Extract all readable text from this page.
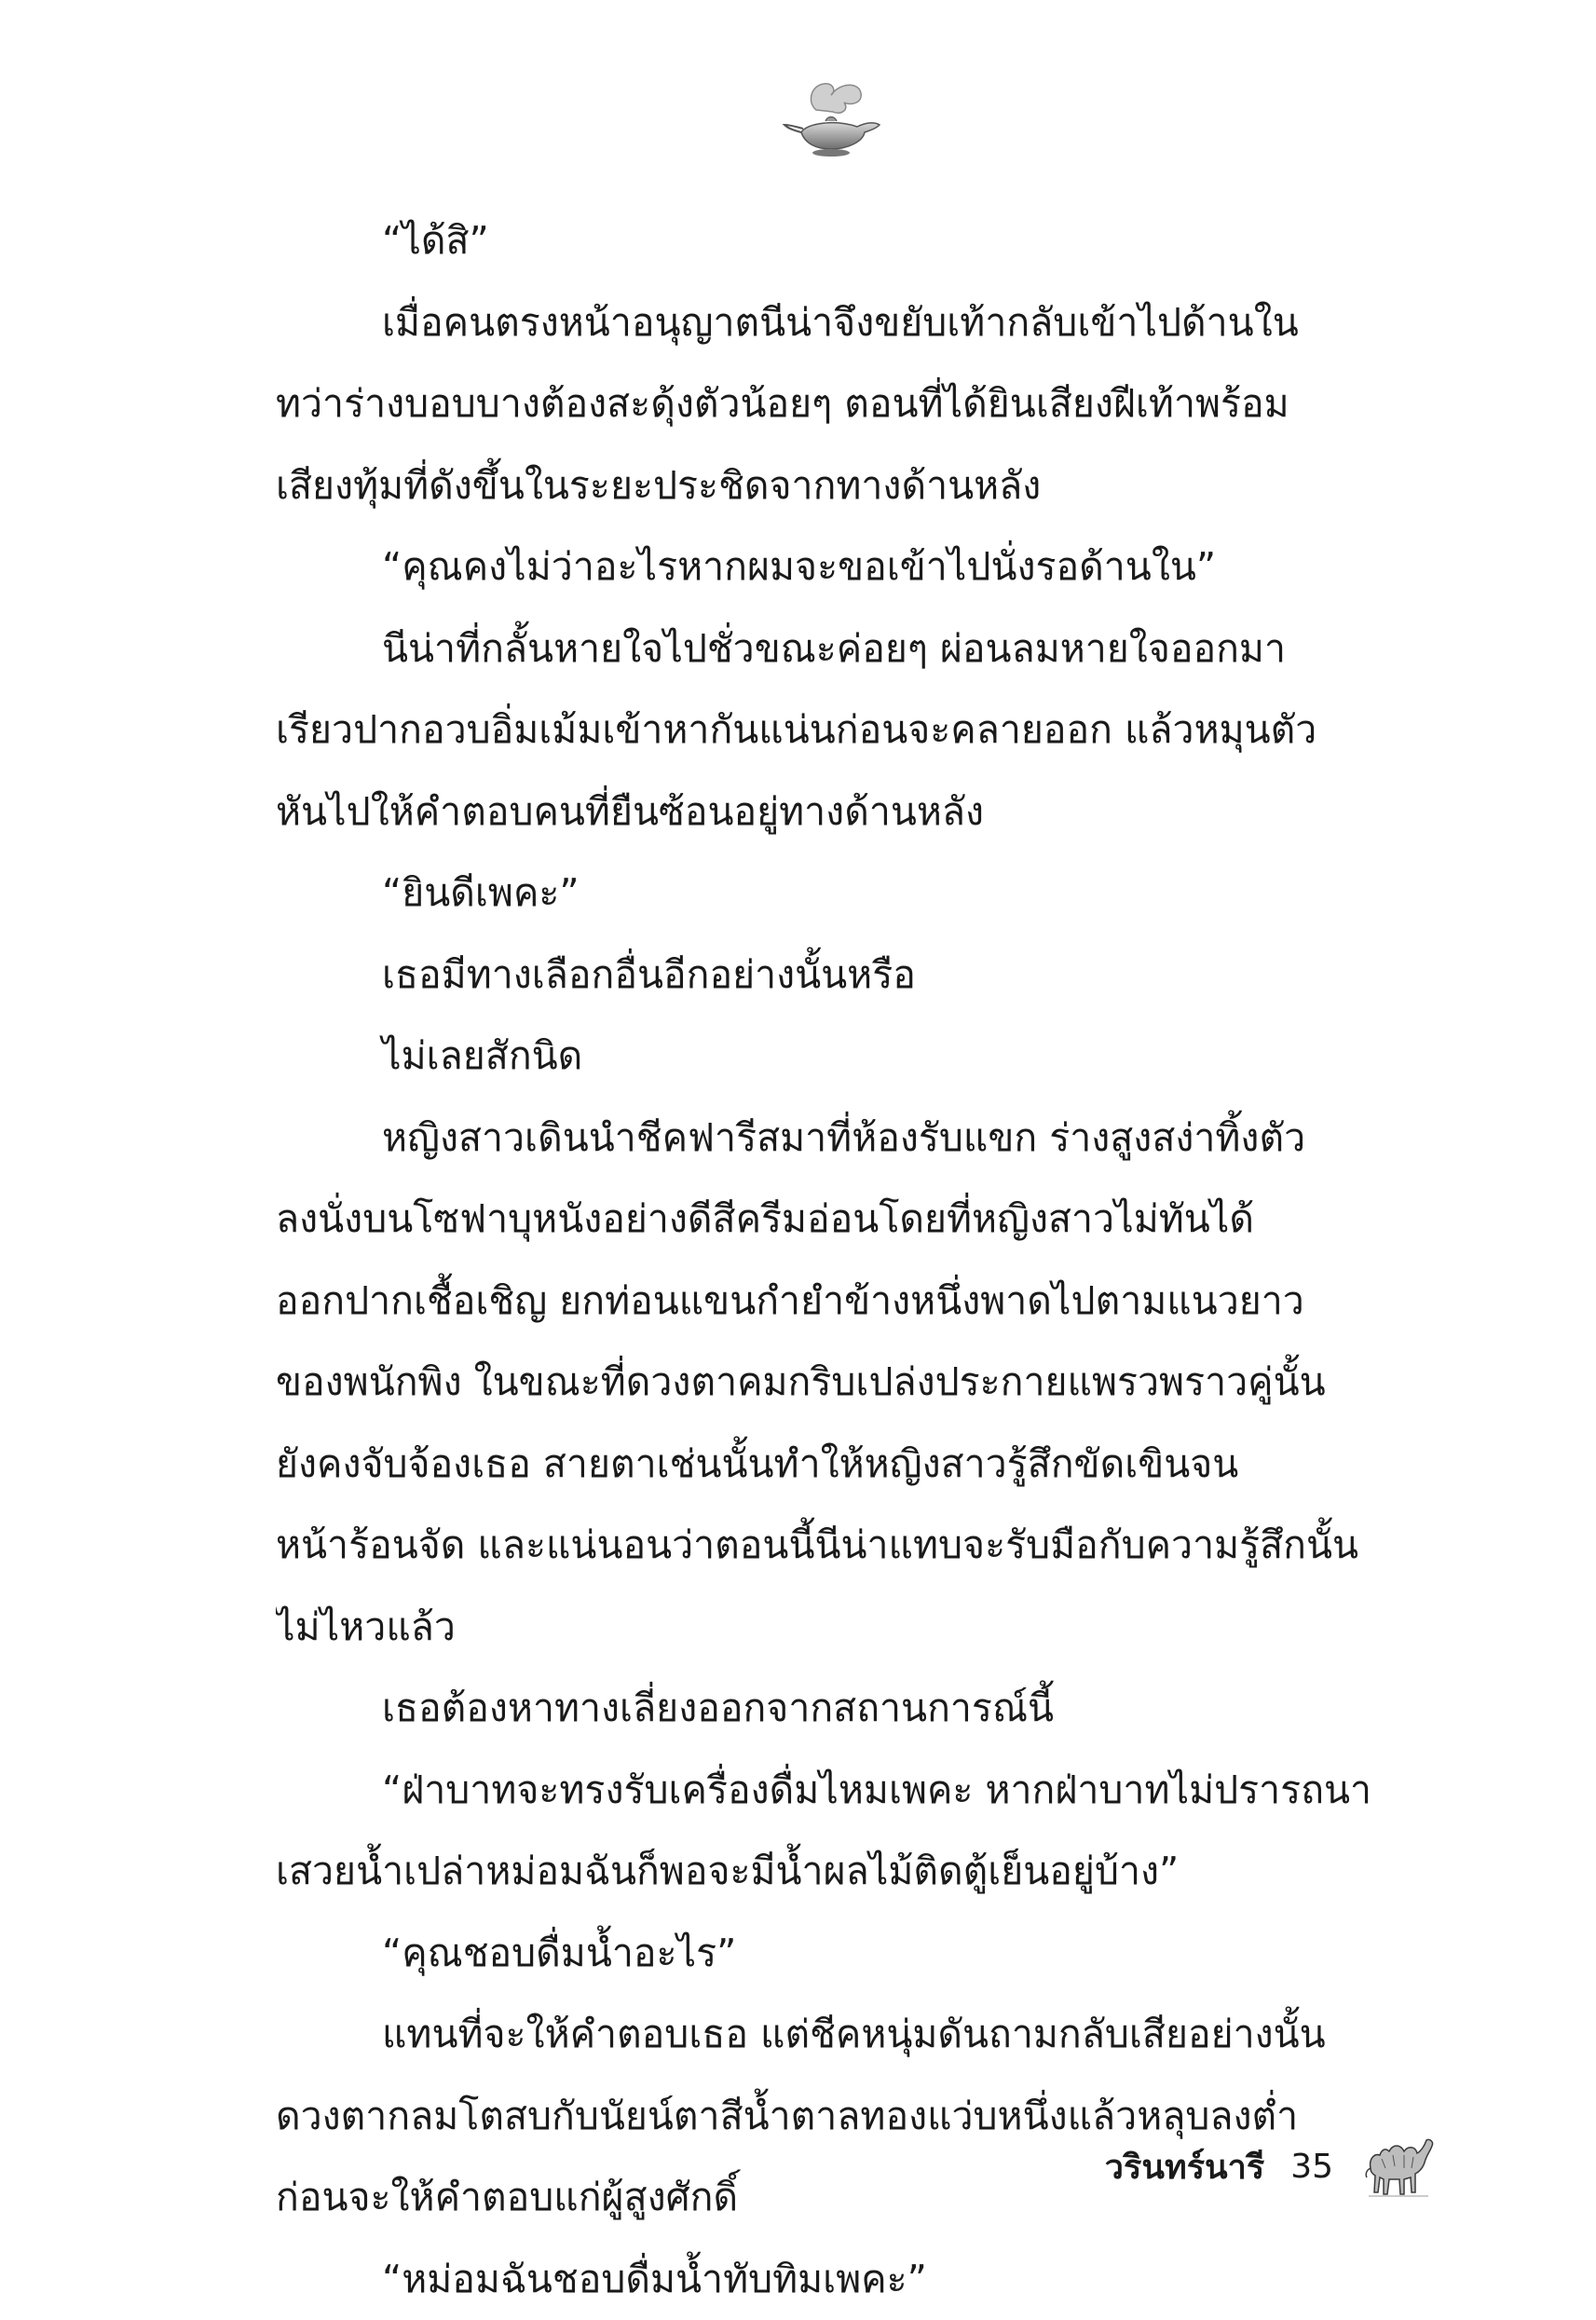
“ได้สิ”
เมื่อคนตรงหน้าอนุญาตนีน่าจึงขยับเท้ากลับเข้าไปด้านใน
ทว่าร่างบอบบางต้องสะดุ้งตัวน้อยๆ ตอนที่ได้ยินเสียงฝีเท้าพร้อม
เสียงทุ้มที่ดังขึ้นในระยะประชิดจากทางด้านหลัง
“คุณคงไม่ว่าอะไรหากผมจะขอเข้าไปนั่งรอด้านใน”
นีน่าที่กลั้นหายใจไปชั่วขณะค่อยๆ ผ่อนลมหายใจออกมา
เรียวปากอวบอิ่มเม้มเข้าหากันแน่นก่อนจะคลายออก แล้วหมุนตัว
หันไปให้คำตอบคนที่ยืนซ้อนอยู่ทางด้านหลัง
“ยินดีเพคะ”
เธอมีทางเลือกอื่นอีกอย่างนั้นหรือ
ไม่เลยสักนิด
หญิงสาวเดินนำชีคฟารีสมาที่ห้องรับแขก ร่างสูงสง่าทิ้งตัว
ลงนั่งบนโซฟาบุหนังอย่างดีสีครีมอ่อนโดยที่หญิงสาวไม่ทันได้
ออกปากเชื้อเชิญ ยกท่อนแขนกำยำข้างหนึ่งพาดไปตามแนวยาว
ของพนักพิง ในขณะที่ดวงตาคมกริบเปล่งประกายแพรวพราวคู่นั้น
ยังคงจับจ้องเธอ สายตาเช่นนั้นทำให้หญิงสาวรู้สึกขัดเขินจน
หน้าร้อนจัด และแน่นอนว่าตอนนี้นีน่าแทบจะรับมือกับความรู้สึกนั้น
ไม่ไหวแล้ว
เธอต้องหาทางเลี่ยงออกจากสถานการณ์นี้
“ฝ่าบาทจะทรงรับเครื่องดื่มไหมเพคะ หากฝ่าบาทไม่ปรารถนา
เสวยน้ำเปล่าหม่อมฉันก็พอจะมีน้ำผลไม้ติดตู้เย็นอยู่บ้าง”
“คุณชอบดื่มน้ำอะไร”
แทนที่จะให้คำตอบเธอ แต่ชีคหนุ่มดันถามกลับเสียอย่างนั้น
ดวงตากลมโตสบกับนัยน์ตาสีน้ำตาลทองแว่บหนึ่งแล้วหลุบลงต่ำ
ก่อนจะให้คำตอบแก่ผู้สูงศักดิ์
“หม่อมฉันชอบดื่มน้ำทับทิมเพคะ”
วรินทร์นารี 35
